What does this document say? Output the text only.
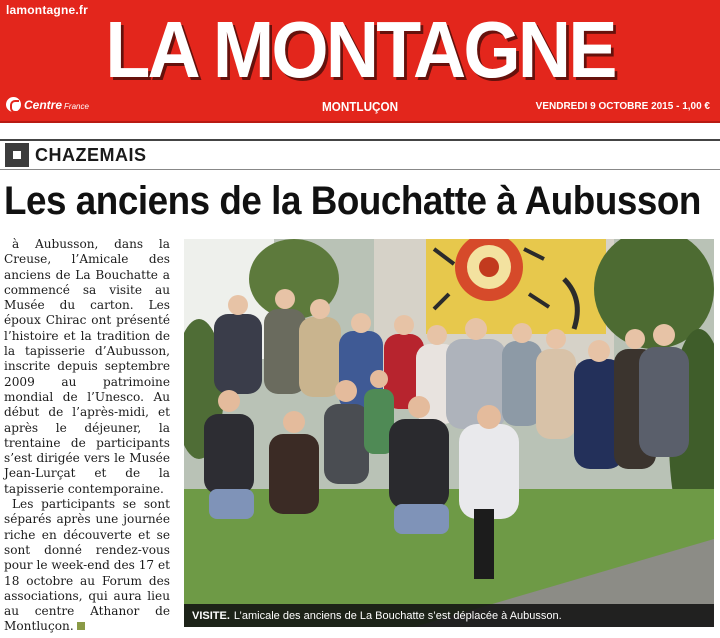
lamontagne.fr LA MONTAGNE
Centre France	MONTLUÇON	VENDREDI 9 OCTOBRE 2015 - 1,00 €
CHAZEMAIS
Les anciens de la Bouchatte à Aubusson

à Aubusson, dans la Creuse, l’Amicale des anciens de La Bouchatte a commencé sa visite au Musée du carton. Les époux Chirac ont présenté l’histoire et la tradition de la tapisserie d’Aubusson, inscrite depuis septembre 2009 au patrimoine mondial de l’Unesco. Au début de l’après-midi, et après le déjeuner, la trentaine de participants s’est dirigée vers le Musée Jean-Lurçat et de la tapisserie contemporaine.

Les participants se sont séparés après une journée riche en découverte et se sont donné rendez-vous pour le week-end des 17 et 18 octobre au Forum des associations, qui aura lieu au centre Athanor de Montluçon.

VISITE. L’amicale des anciens de La Bouchatte s’est déplacée à Aubusson.
